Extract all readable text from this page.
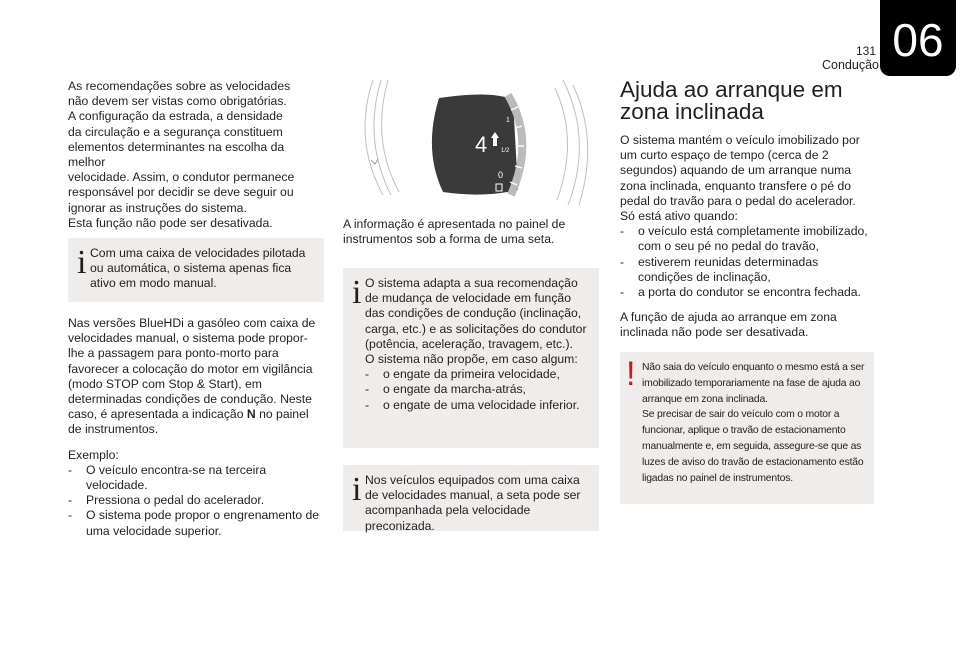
131
Condução 06

As recomendações sobre as velocidades
não devem ser vistas como obrigatórias.
A configuração da estrada, a densidade
da circulação e a segurança constituem
elementos determinantes na escolha da melhor
velocidade. Assim, o condutor permanece
responsável por decidir se deve seguir ou
ignorar as instruções do sistema.
Esta função não pode ser desativada.

i Com uma caixa de velocidades pilotada ou automática, o sistema apenas fica ativo em modo manual.

Nas versões BlueHDi a gasóleo com caixa de velocidades manual, o sistema pode propor-lhe a passagem para ponto-morto para favorecer a colocação do motor em vigilância (modo STOP com Stop & Start), em determinadas condições de condução. Neste caso, é apresentada a indicação N no painel de instrumentos.

Exemplo:
- O veículo encontra-se na terceira velocidade.
- Pressiona o pedal do acelerador.
- O sistema pode propor o engrenamento de uma velocidade superior.
4
1
1/2
0

A informação é apresentada no painel de instrumentos sob a forma de uma seta.

i O sistema adapta a sua recomendação de mudança de velocidade em função das condições de condução (inclinação, carga, etc.) e as solicitações do condutor (potência, aceleração, travagem, etc.).
O sistema não propõe, em caso algum:
- o engate da primeira velocidade,
- o engate da marcha-atrás,
- o engate de uma velocidade inferior.
i Nos veículos equipados com uma caixa de velocidades manual, a seta pode ser acompanhada pela velocidade preconizada.
Ajuda ao arranque em zona inclinada

O sistema mantém o veículo imobilizado por um curto espaço de tempo (cerca de 2 segundos) aquando de um arranque numa zona inclinada, enquanto transfere o pé do pedal do travão para o pedal do acelerador.

Só está ativo quando:
- o veículo está completamente imobilizado, com o seu pé no pedal do travão,
- estiverem reunidas determinadas condições de inclinação,
- a porta do condutor se encontra fechada.

A função de ajuda ao arranque em zona inclinada não pode ser desativada.

! Não saia do veículo enquanto o mesmo está a ser imobilizado temporariamente na fase de ajuda ao arranque em zona inclinada.
Se precisar de sair do veículo com o motor a funcionar, aplique o travão de estacionamento manualmente e, em seguida, assegure-se que as luzes de aviso do travão de estacionamento estão ligadas no painel de instrumentos.
